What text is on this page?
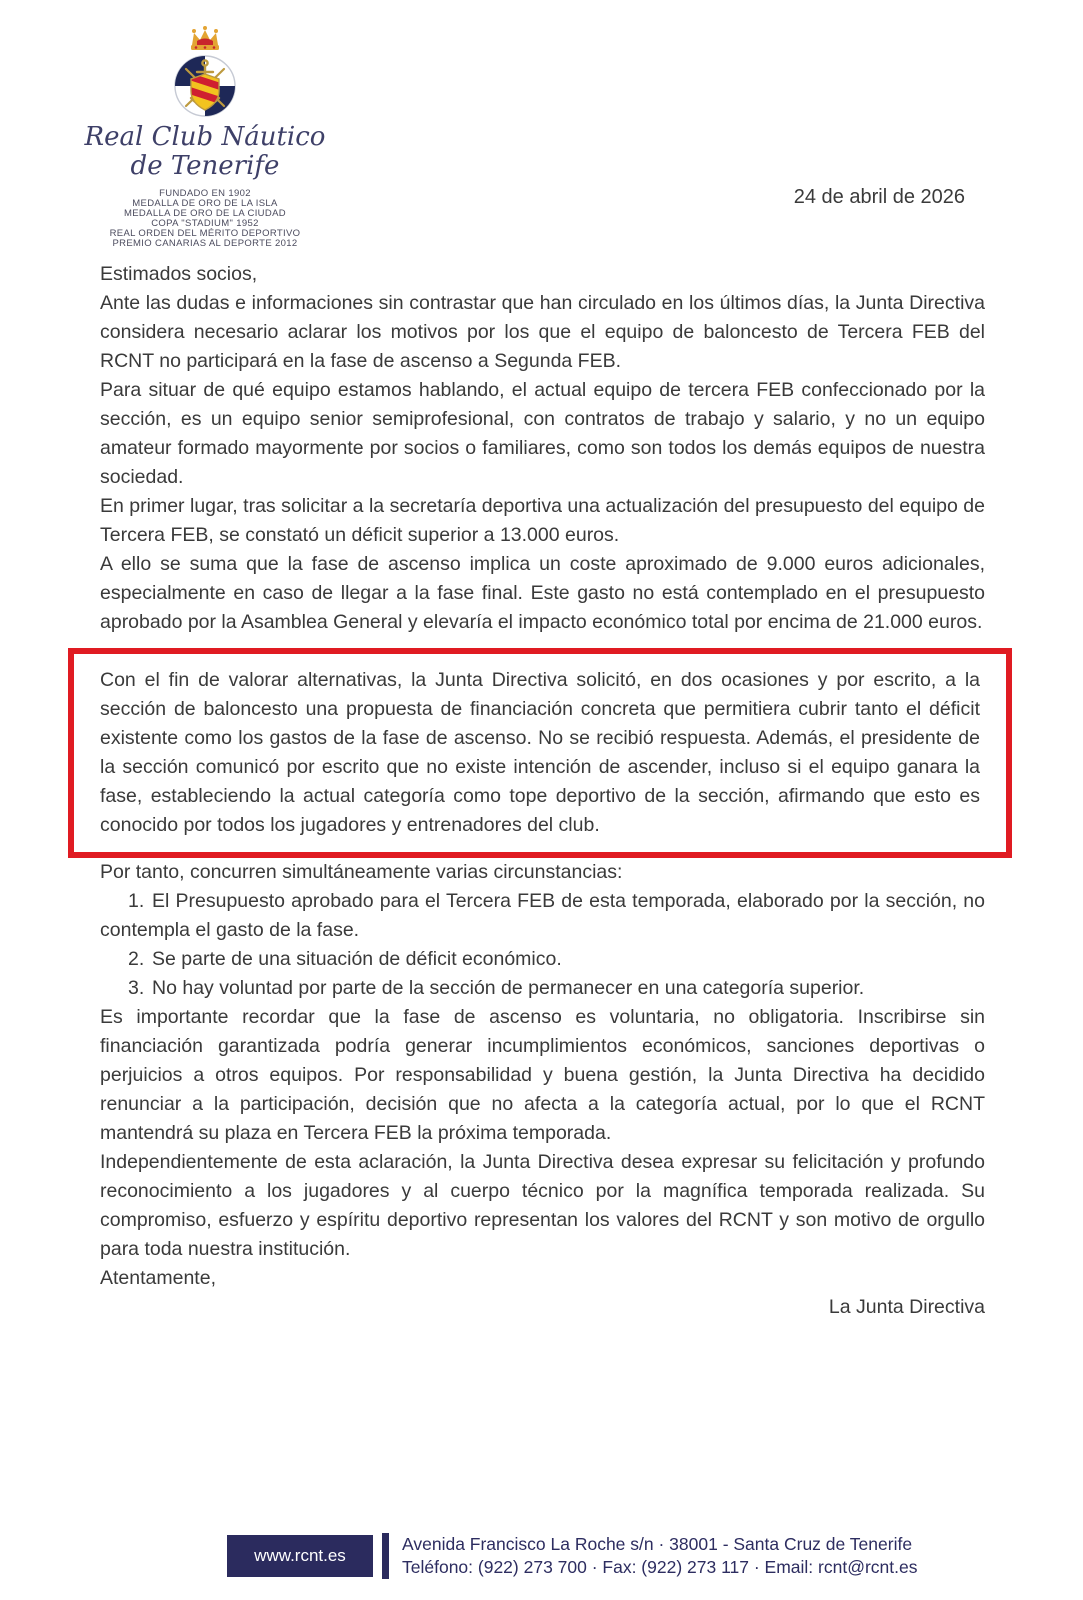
Real Club Náutico
de Tenerife
FUNDADO EN 1902
MEDALLA DE ORO DE LA ISLA
MEDALLA DE ORO DE LA CIUDAD
COPA "STADIUM" 1952
REAL ORDEN DEL MÉRITO DEPORTIVO
PREMIO CANARIAS AL DEPORTE 2012
24 de abril de 2026

Estimados socios,

Ante las dudas e informaciones sin contrastar que han circulado en los últimos días, la Junta Directiva considera necesario aclarar los motivos por los que el equipo de baloncesto de Tercera FEB del RCNT no participará en la fase de ascenso a Segunda FEB.

Para situar de qué equipo estamos hablando, el actual equipo de tercera FEB confeccionado por la sección, es un equipo senior semiprofesional, con contratos de trabajo y salario, y no un equipo amateur formado mayormente por socios o familiares, como son todos los demás equipos de nuestra sociedad.

En primer lugar, tras solicitar a la secretaría deportiva una actualización del presupuesto del equipo de Tercera FEB, se constató un déficit superior a 13.000 euros.

A ello se suma que la fase de ascenso implica un coste aproximado de 9.000 euros adicionales, especialmente en caso de llegar a la fase final. Este gasto no está contemplado en el presupuesto aprobado por la Asamblea General y elevaría el impacto económico total por encima de 21.000 euros.

Con el fin de valorar alternativas, la Junta Directiva solicitó, en dos ocasiones y por escrito, a la sección de baloncesto una propuesta de financiación concreta que permitiera cubrir tanto el déficit existente como los gastos de la fase de ascenso. No se recibió respuesta. Además, el presidente de la sección comunicó por escrito que no existe intención de ascender, incluso si el equipo ganara la fase, estableciendo la actual categoría como tope deportivo de la sección, afirmando que esto es conocido por todos los jugadores y entrenadores del club.

Por tanto, concurren simultáneamente varias circunstancias:

1. El Presupuesto aprobado para el Tercera FEB de esta temporada, elaborado por la sección, no contempla el gasto de la fase.

2. Se parte de una situación de déficit económico.

3. No hay voluntad por parte de la sección de permanecer en una categoría superior.

Es importante recordar que la fase de ascenso es voluntaria, no obligatoria. Inscribirse sin financiación garantizada podría generar incumplimientos económicos, sanciones deportivas o perjuicios a otros equipos. Por responsabilidad y buena gestión, la Junta Directiva ha decidido renunciar a la participación, decisión que no afecta a la categoría actual, por lo que el RCNT mantendrá su plaza en Tercera FEB la próxima temporada.

Independientemente de esta aclaración, la Junta Directiva desea expresar su felicitación y profundo reconocimiento a los jugadores y al cuerpo técnico por la magnífica temporada realizada. Su compromiso, esfuerzo y espíritu deportivo representan los valores del RCNT y son motivo de orgullo para toda nuestra institución.

Atentamente,

La Junta Directiva

www.rcnt.es
Avenida Francisco La Roche s/n · 38001 - Santa Cruz de Tenerife
Teléfono: (922) 273 700 · Fax: (922) 273 117 · Email: rcnt@rcnt.es
